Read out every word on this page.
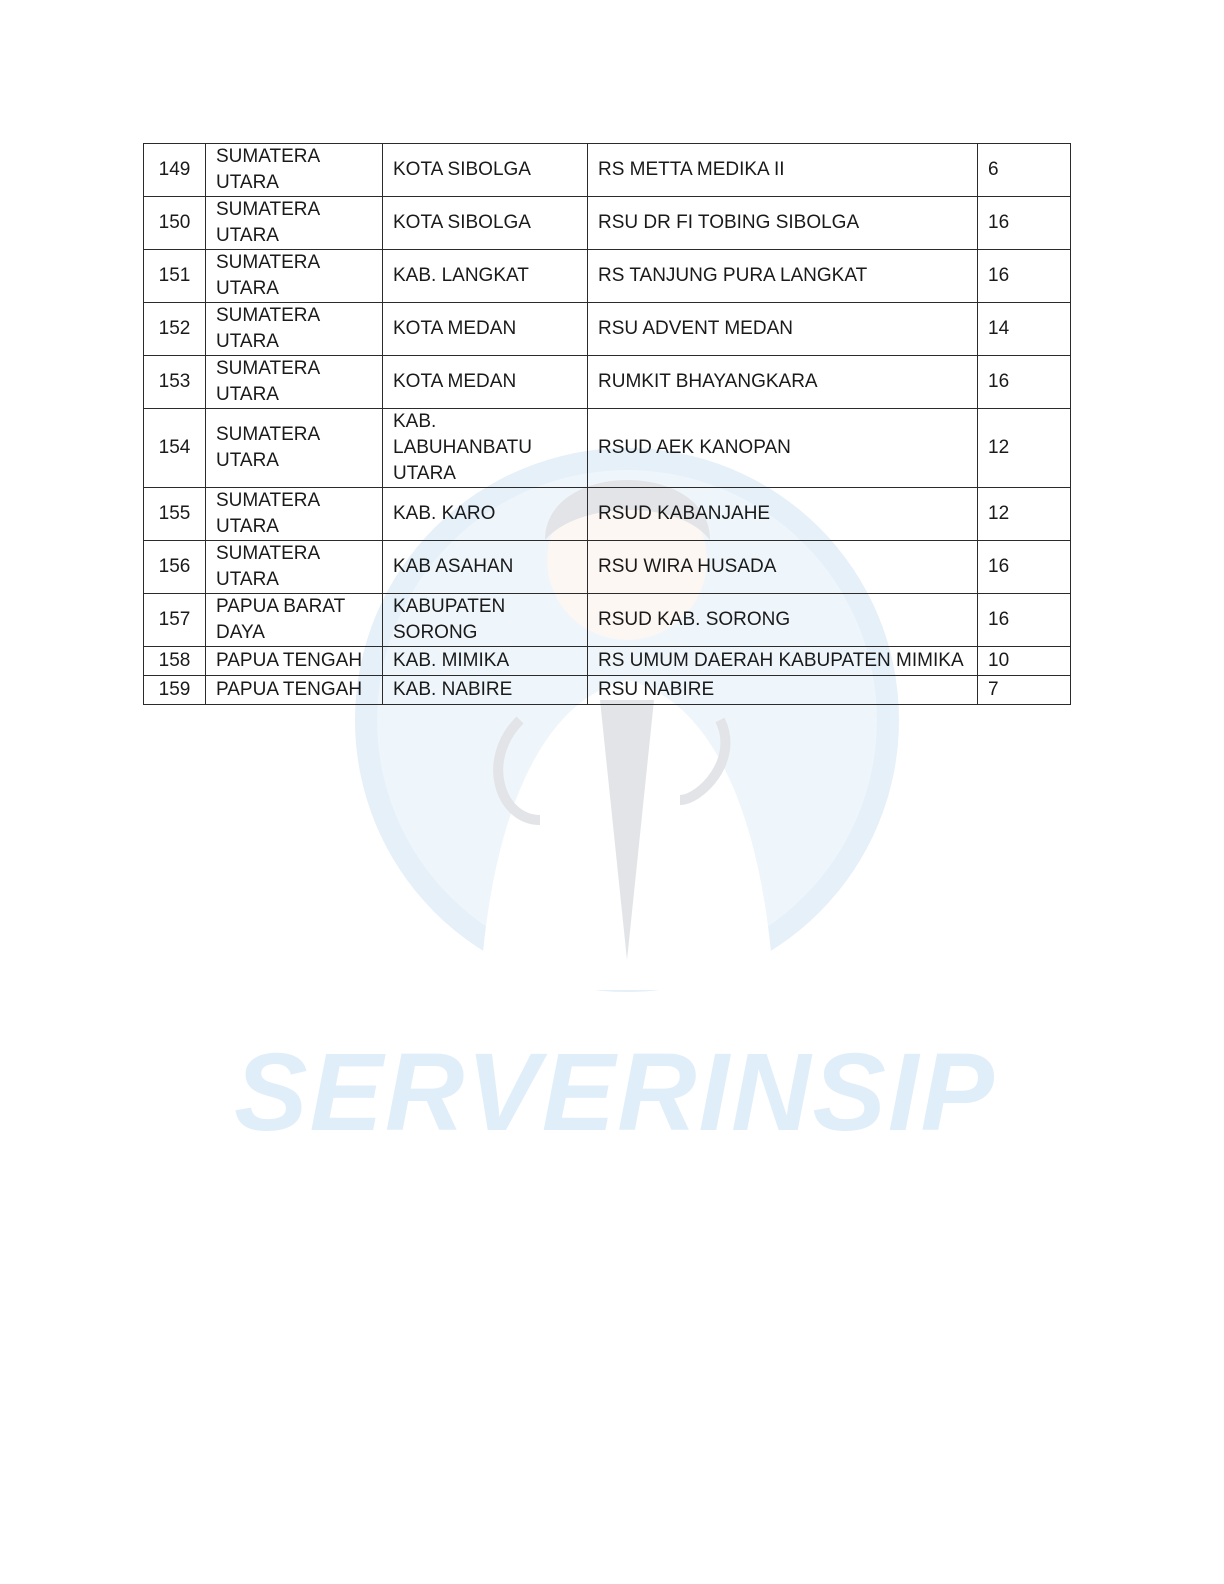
SERVERINSIP
149	SUMATERA UTARA	KOTA SIBOLGA	RS METTA MEDIKA II	6
150	SUMATERA UTARA	KOTA SIBOLGA	RSU DR FI TOBING SIBOLGA	16
151	SUMATERA UTARA	KAB. LANGKAT	RS TANJUNG PURA LANGKAT	16
152	SUMATERA UTARA	KOTA MEDAN	RSU ADVENT MEDAN	14
153	SUMATERA UTARA	KOTA MEDAN	RUMKIT BHAYANGKARA	16
154	SUMATERA UTARA	KAB. LABUHANBATU UTARA	RSUD AEK KANOPAN	12
155	SUMATERA UTARA	KAB. KARO	RSUD KABANJAHE	12
156	SUMATERA UTARA	KAB ASAHAN	RSU WIRA HUSADA	16
157	PAPUA BARAT DAYA	KABUPATEN SORONG	RSUD KAB. SORONG	16
158	PAPUA TENGAH	KAB. MIMIKA	RS UMUM DAERAH KABUPATEN MIMIKA	10
159	PAPUA TENGAH	KAB. NABIRE	RSU NABIRE	7
